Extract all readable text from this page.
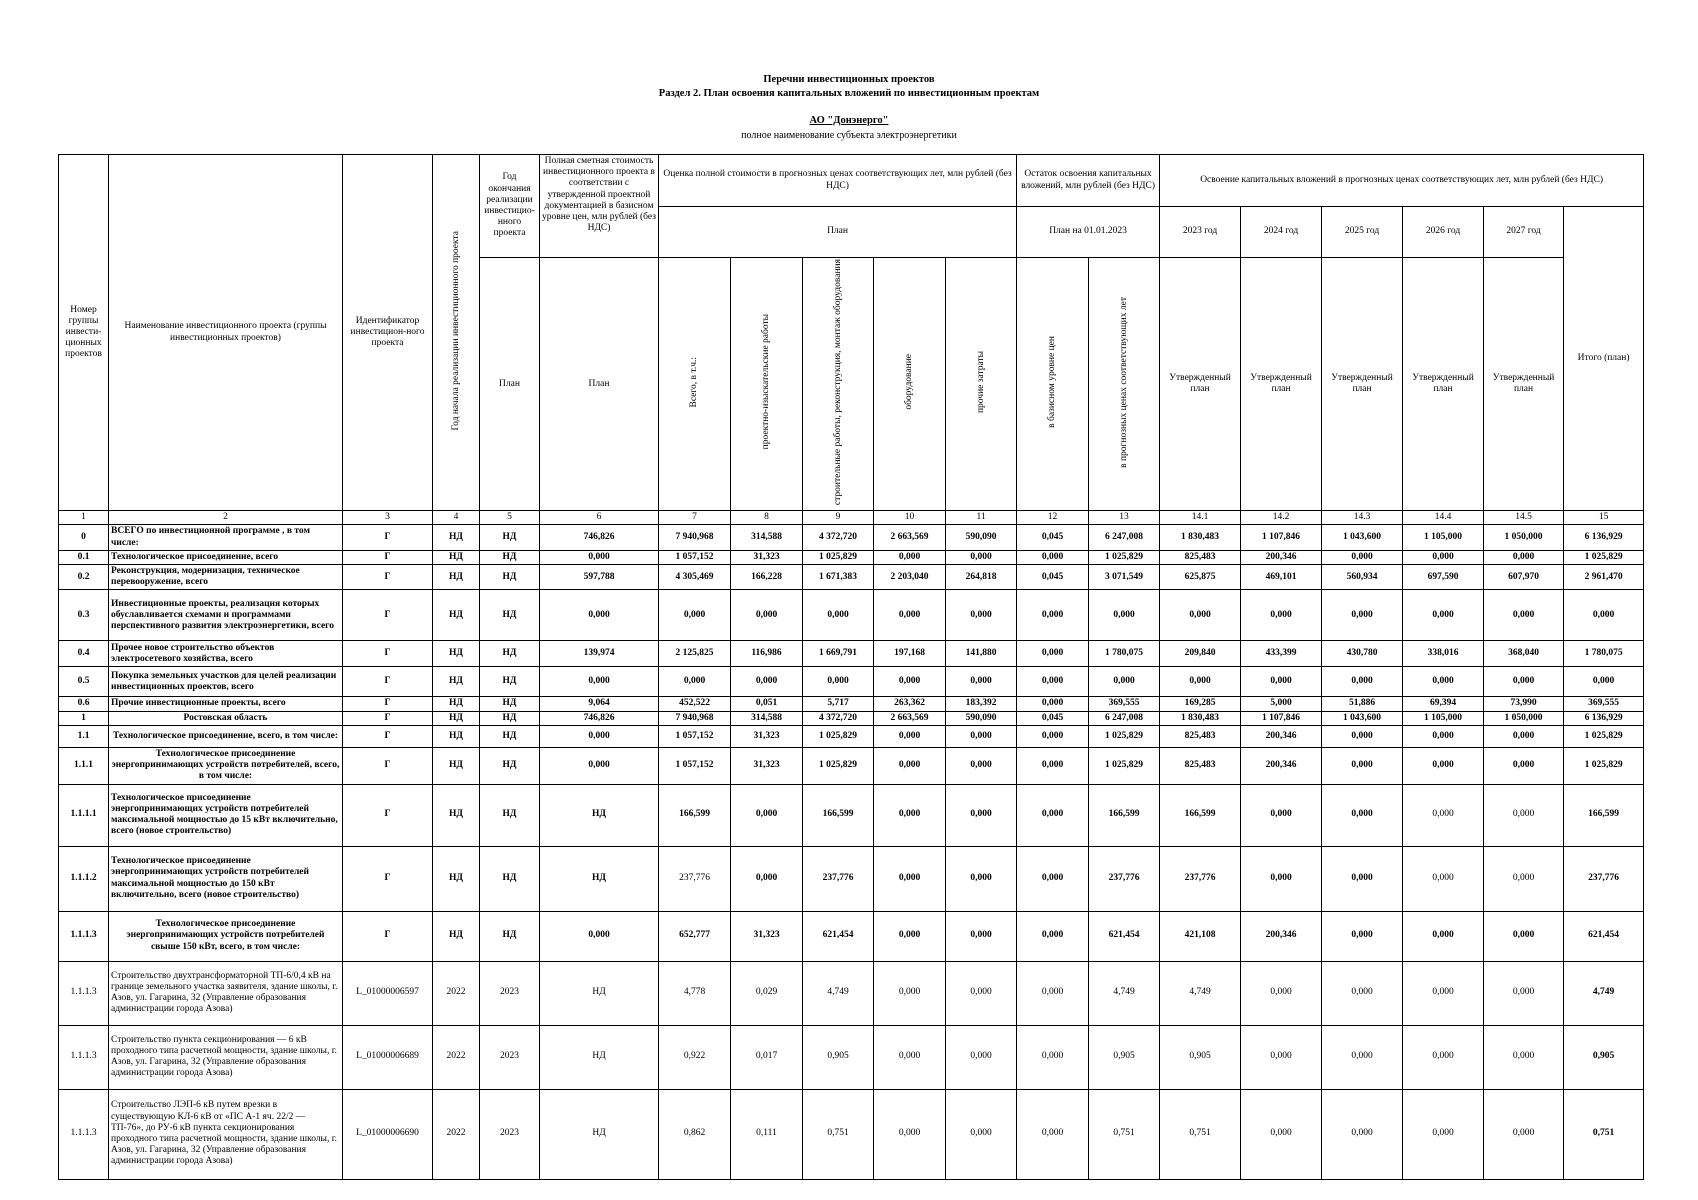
Перечни инвестиционных проектов
Раздел 2. План освоения капитальных вложений по инвестиционным проектам
АО "Донэнерго"
полное наименование субъекта электроэнергетики
Номер группы инвести-ционных проектов	Наименование инвестиционного проекта (группы инвестиционных проектов)	Идентификатор инвестицион-ного проекта	Год начала реализации инвестиционного проекта	Год окончания реализации инвестицио-нного проекта	Полная сметная стоимость инвестиционного проекта в соответствии с утвержденной проектной документацией в базисном уровне цен, млн рублей (без НДС)	Оценка полной стоимости в прогнозных ценах соответствующих лет, млн рублей (без НДС)					Остаток освоения капитальных вложений, млн рублей (без НДС)		Освоение капитальных вложений в прогнозных ценах соответствующих лет, млн рублей (без НДС)					
						План					План на 01.01.2023		2023 год	2024 год	2025 год	2026 год	2027 год	Итого (план)
				План	План	Всего, в т.ч.:	проектно-изыскательские работы	строительные работы, реконструкция, монтаж оборудования	оборудование	прочие затраты	в базисном уровне цен	в прогнозных ценах соответствующих лет	Утвержденный план	Утвержденный план	Утвержденный план	Утвержденный план	Утвержденный план	
1	2	3	4	5	6	7	8	9	10	11	12	13	14.1	14.2	14.3	14.4	14.5	15
0	ВСЕГО по инвестиционной программе , в том числе:	Г	НД	НД	746,826	7 940,968	314,588	4 372,720	2 663,569	590,090	0,045	6 247,008	1 830,483	1 107,846	1 043,600	1 105,000	1 050,000	6 136,929
0.1	Технологическое присоединение, всего	Г	НД	НД	0,000	1 057,152	31,323	1 025,829	0,000	0,000	0,000	1 025,829	825,483	200,346	0,000	0,000	0,000	1 025,829
0.2	Реконструкция, модернизация, техническое перевооружение, всего	Г	НД	НД	597,788	4 305,469	166,228	1 671,383	2 203,040	264,818	0,045	3 071,549	625,875	469,101	560,934	697,590	607,970	2 961,470
0.3	Инвестиционные проекты, реализация которых обуславливается схемами и программами перспективного развития электроэнергетики, всего	Г	НД	НД	0,000	0,000	0,000	0,000	0,000	0,000	0,000	0,000	0,000	0,000	0,000	0,000	0,000	0,000
0.4	Прочее новое строительство объектов электросетевого хозяйства, всего	Г	НД	НД	139,974	2 125,825	116,986	1 669,791	197,168	141,880	0,000	1 780,075	209,840	433,399	430,780	338,016	368,040	1 780,075
0.5	Покупка земельных участков для целей реализации инвестиционных проектов, всего	Г	НД	НД	0,000	0,000	0,000	0,000	0,000	0,000	0,000	0,000	0,000	0,000	0,000	0,000	0,000	0,000
0.6	Прочие инвестиционные проекты, всего	Г	НД	НД	9,064	452,522	0,051	5,717	263,362	183,392	0,000	369,555	169,285	5,000	51,886	69,394	73,990	369,555
1	Ростовская область	Г	НД	НД	746,826	7 940,968	314,588	4 372,720	2 663,569	590,090	0,045	6 247,008	1 830,483	1 107,846	1 043,600	1 105,000	1 050,000	6 136,929
1.1	Технологическое присоединение, всего, в том числе:	Г	НД	НД	0,000	1 057,152	31,323	1 025,829	0,000	0,000	0,000	1 025,829	825,483	200,346	0,000	0,000	0,000	1 025,829
1.1.1	Технологическое присоединение энергопринимающих устройств потребителей, всего, в том числе:	Г	НД	НД	0,000	1 057,152	31,323	1 025,829	0,000	0,000	0,000	1 025,829	825,483	200,346	0,000	0,000	0,000	1 025,829
1.1.1.1	Технологическое присоединение энергопринимающих устройств потребителей максимальной мощностью до 15 кВт включительно, всего (новое строительство)	Г	НД	НД	НД	166,599	0,000	166,599	0,000	0,000	0,000	166,599	166,599	0,000	0,000	0,000	0,000	166,599
1.1.1.2	Технологическое присоединение энергопринимающих устройств потребителей максимальной мощностью до 150 кВт включительно, всего (новое строительство)	Г	НД	НД	НД	237,776	0,000	237,776	0,000	0,000	0,000	237,776	237,776	0,000	0,000	0,000	0,000	237,776
1.1.1.3	Технологическое присоединение энергопринимающих устройств потребителей свыше 150 кВт, всего, в том числе:	Г	НД	НД	0,000	652,777	31,323	621,454	0,000	0,000	0,000	621,454	421,108	200,346	0,000	0,000	0,000	621,454
1.1.1.3	Строительство двухтрансформаторной ТП-6/0,4 кВ на границе земельного участка заявителя, здание школы, г. Азов, ул. Гагарина, 32 (Управление образования администрации города Азова)	L_01000006597	2022	2023	НД	4,778	0,029	4,749	0,000	0,000	0,000	4,749	4,749	0,000	0,000	0,000	0,000	4,749
1.1.1.3	Строительство пункта секционирования — 6 кВ проходного типа расчетной мощности, здание школы, г. Азов, ул. Гагарина, 32 (Управление образования администрации города Азова)	L_01000006689	2022	2023	НД	0,922	0,017	0,905	0,000	0,000	0,000	0,905	0,905	0,000	0,000	0,000	0,000	0,905
1.1.1.3	Строительство ЛЭП-6 кВ путем врезки в существующую КЛ-6 кВ от «ПС А-1 яч. 22/2 — ТП-76», до РУ-6 кВ пункта секционирования проходного типа расчетной мощности, здание школы, г. Азов, ул. Гагарина, 32 (Управление образования администрации города Азова)	L_01000006690	2022	2023	НД	0,862	0,111	0,751	0,000	0,000	0,000	0,751	0,751	0,000	0,000	0,000	0,000	0,751
